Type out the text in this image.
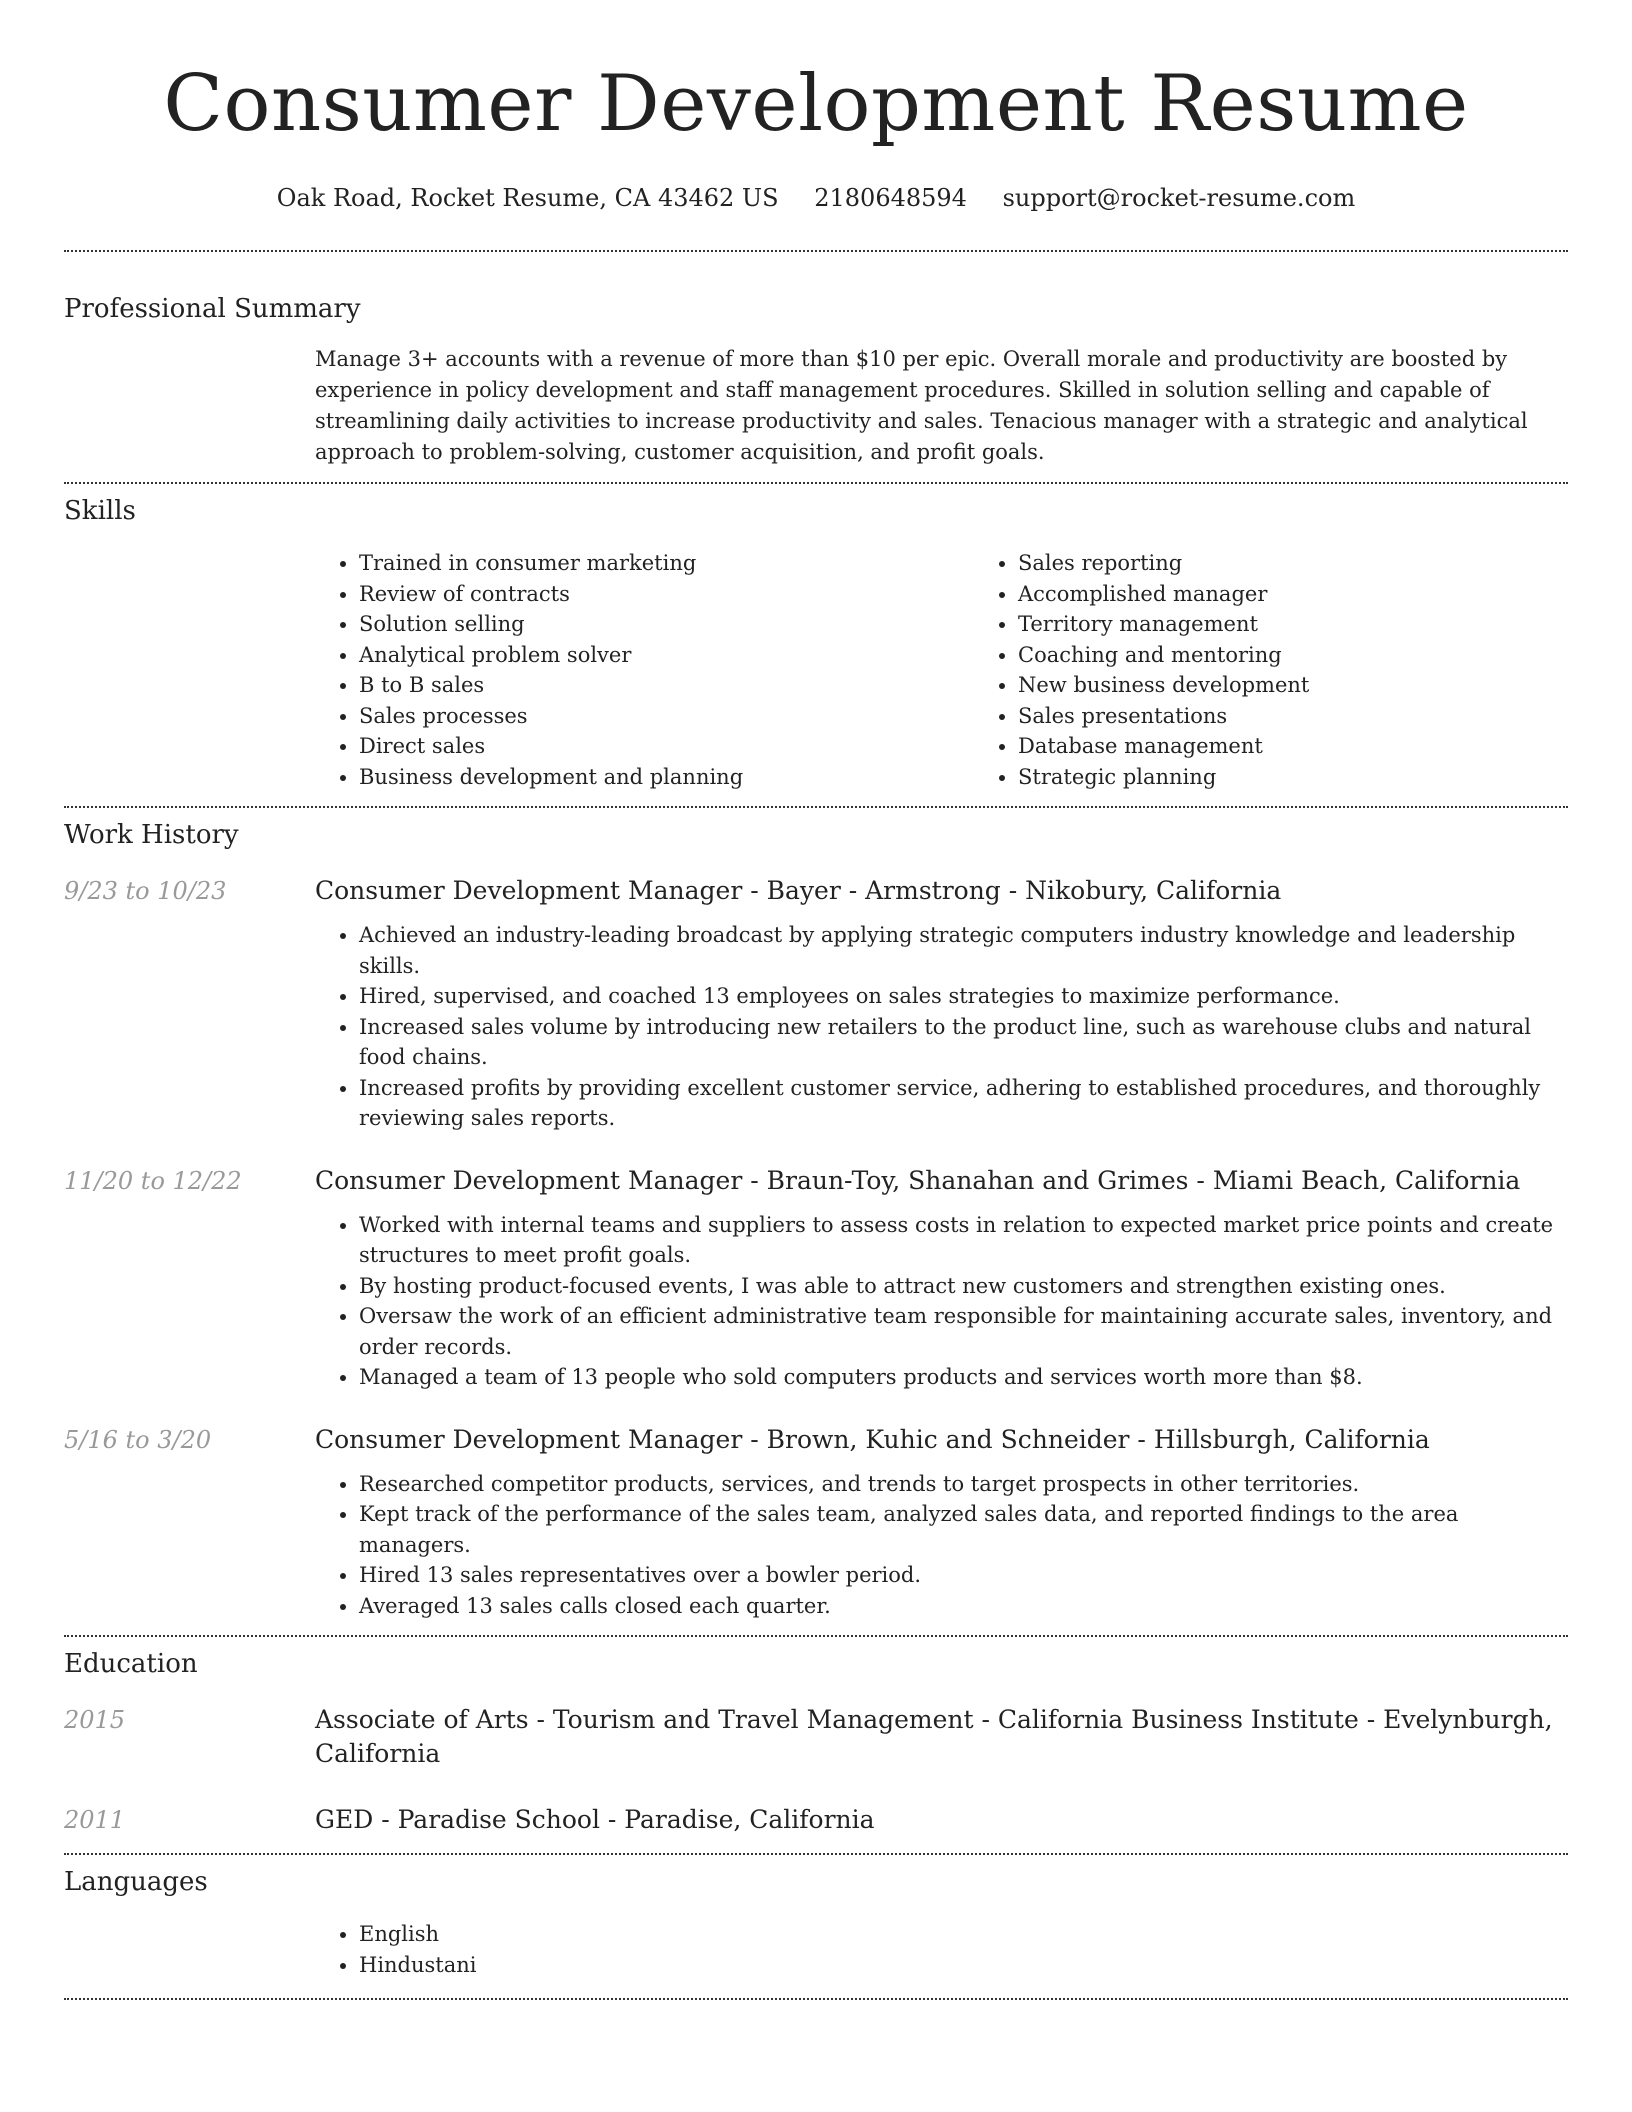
Consumer Development Resume
Oak Road, Rocket Resume, CA 43462 US 2180648594 support@rocket-resume.com
Professional Summary
Manage 3+ accounts with a revenue of more than $10 per epic. Overall morale and productivity are boosted by experience in policy development and staff management procedures. Skilled in solution selling and capable of streamlining daily activities to increase productivity and sales. Tenacious manager with a strategic and analytical approach to problem-solving, customer acquisition, and profit goals.
Skills
• Trained in consumer marketing
• Review of contracts
• Solution selling
• Analytical problem solver
• B to B sales
• Sales processes
• Direct sales
• Business development and planning
• Sales reporting
• Accomplished manager
• Territory management
• Coaching and mentoring
• New business development
• Sales presentations
• Database management
• Strategic planning
Work History
9/23 to 10/23	Consumer Development Manager - Bayer - Armstrong - Nikobury, California
• Achieved an industry-leading broadcast by applying strategic computers industry knowledge and leadership skills.
• Hired, supervised, and coached 13 employees on sales strategies to maximize performance.
• Increased sales volume by introducing new retailers to the product line, such as warehouse clubs and natural food chains.
• Increased profits by providing excellent customer service, adhering to established procedures, and thoroughly reviewing sales reports.
11/20 to 12/22	Consumer Development Manager - Braun-Toy, Shanahan and Grimes - Miami Beach, California
• Worked with internal teams and suppliers to assess costs in relation to expected market price points and create structures to meet profit goals.
• By hosting product-focused events, I was able to attract new customers and strengthen existing ones.
• Oversaw the work of an efficient administrative team responsible for maintaining accurate sales, inventory, and order records.
• Managed a team of 13 people who sold computers products and services worth more than $8.
5/16 to 3/20	Consumer Development Manager - Brown, Kuhic and Schneider - Hillsburgh, California
• Researched competitor products, services, and trends to target prospects in other territories.
• Kept track of the performance of the sales team, analyzed sales data, and reported findings to the area managers.
• Hired 13 sales representatives over a bowler period.
• Averaged 13 sales calls closed each quarter.
Education
2015	Associate of Arts - Tourism and Travel Management - California Business Institute - Evelynburgh, California
2011	GED - Paradise School - Paradise, California
Languages
• English
• Hindustani
